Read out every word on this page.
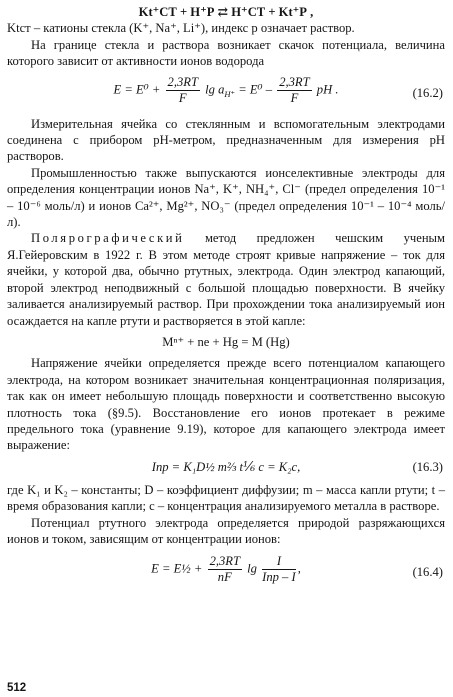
Kt⁺СТ + H⁺Р ⇄ H⁺СТ + Kt⁺Р ,

Ktст – катионы стекла (K⁺, Na⁺, Li⁺), индекс р означает раствор.

На границе стекла и раствора возникает скачок потенциала, величина которого зависит от активности ионов водорода

$E = E^0 + \frac{2,3RT}{F}$ $\lg a_{H^+} = E^0 - \frac{2,3RT}{F}$ pH .	(16.2)

Измерительная ячейка со стеклянным и вспомогательным электродами соединена с прибором pH-метром, предназначенным для измерения pH растворов.

Промышленностью также выпускаются ионселективные электроды для определения концентрации ионов Na⁺, K⁺, NH₄⁺, Cl⁻ (предел определения 10⁻¹ – 10⁻⁶ моль/л) и ионов Ca²⁺, Mg²⁺, NO₃⁻ (предел определения 10⁻¹ – 10⁻⁴ моль/л).

Полярографический метод предложен чешским ученым Я.Гейеровским в 1922 г. В этом методе строят кривые напряжение – ток для ячейки, у которой два, обычно ртутных, электрода. Один электрод капающий, второй электрод неподвижный с большой площадью поверхности. В ячейку заливается анализируемый раствор. При прохождении тока анализируемый ион осаждается на капле ртути и растворяется в этой капле:

Mⁿ⁺ + ne + Hg = M (Hg)

Напряжение ячейки определяется прежде всего потенциалом капающего электрода, на котором возникает значительная концентрационная поляризация, так как он имеет небольшую площадь поверхности и соответственно высокую плотность тока (§9.5). Восстановление его ионов протекает в режиме предельного тока (уравнение 9.19), которое для капающего электрода имеет выражение:

Iпр = K₁D½ m⅔ t⅙ c = K₂c,	(16.3)

где K₁ и K₂ – константы; D – коэффициент диффузии; m – масса капли ртути; t – время образования капли; c – концентрация анализируемого металла в растворе.

Потенциал ртутного электрода определяется природой разряжающихся ионов и током, зависящим от концентрации ионов:

E = E½ + $\frac{2,3RT}{nF}$ $\lg \frac{I}{\text{Iпр – I}}$ ,	(16.4)
512
